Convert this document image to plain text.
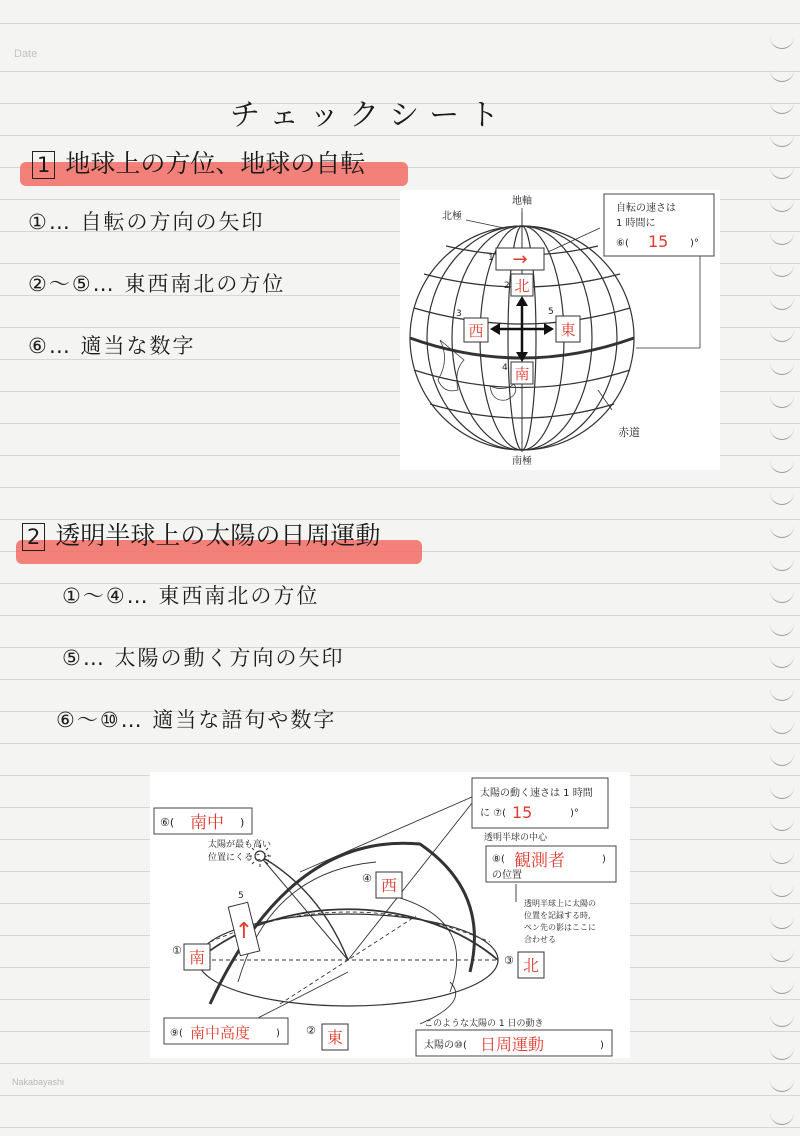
Date
チェックシート
1 地球上の方位、地球の自転
①… 自転の方向の矢印
②～⑤… 東西南北の方位
⑥… 適当な数字
北極
地軸
南極
赤道
自転の速さは
1 時間に
⑥( 15 )°
→
1
北
2
西
3
南
4
東
5
2 透明半球上の太陽の日周運動
①～④… 東西南北の方位
⑤… 太陽の動く方向の矢印
⑥～⑩… 適当な語句や数字
⑥( 南中 )
太陽が最も高い
位置にくること
太陽の動く速さは 1 時間
に ⑦( 15	)°
透明半球の中心
⑧( 観測者	)
の位置
透明半球上に太陽の
位置を記録する時,
ペン先の影はここに
合わせる
① 南
② 東
③ 北
④ 西
5
↑
⑨( 南中高度	)
このような太陽の 1 日の動き
太陽の⑩( 日周運動	)
Nakabayashi
